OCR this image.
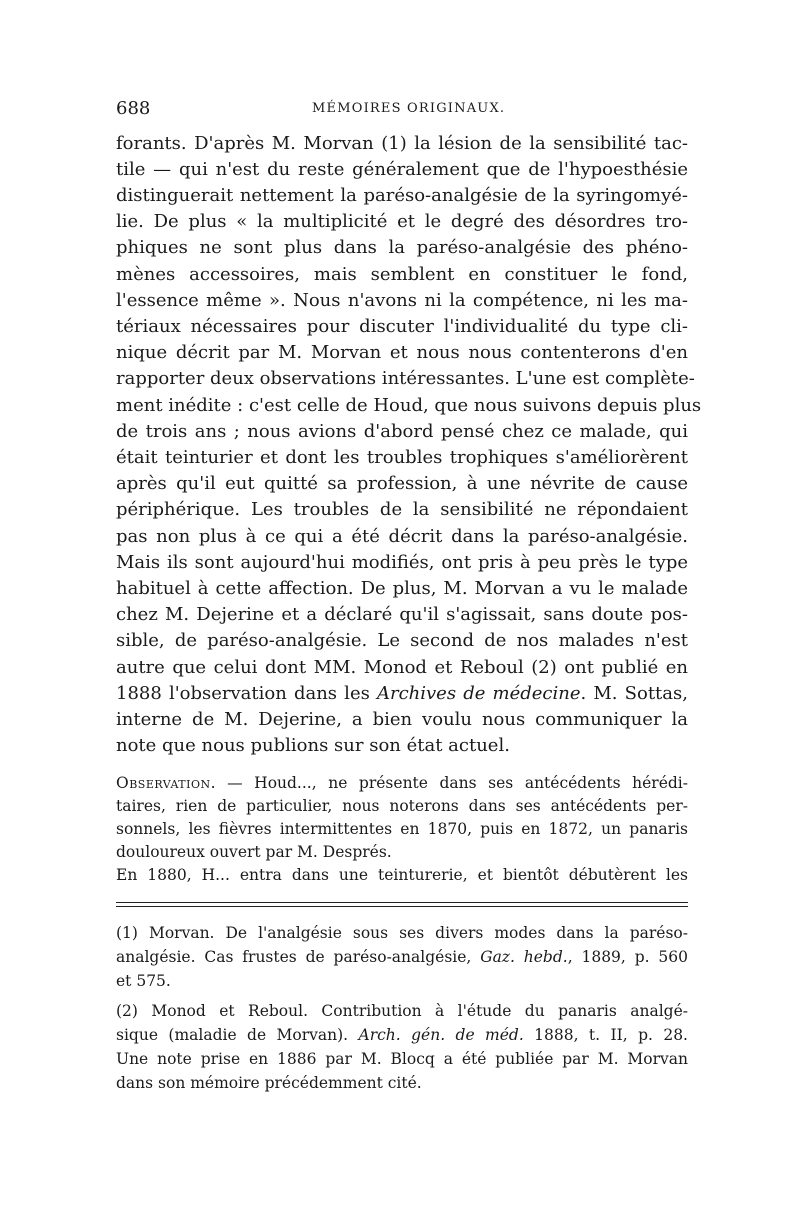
688	MÉMOIRES ORIGINAUX.
forants. D'après M. Morvan (1) la lésion de la sensibilité tac-
tile — qui n'est du reste généralement que de l'hypoesthésie
distinguerait nettement la paréso-analgésie de la syringomyé-
lie. De plus « la multiplicité et le degré des désordres tro-
phiques ne sont plus dans la paréso-analgésie des phéno-
mènes accessoires, mais semblent en constituer le fond,
l'essence même ». Nous n'avons ni la compétence, ni les ma-
tériaux nécessaires pour discuter l'individualité du type cli-
nique décrit par M. Morvan et nous nous contenterons d'en
rapporter deux observations intéressantes. L'une est complète-
ment inédite : c'est celle de Houd, que nous suivons depuis plus
de trois ans ; nous avions d'abord pensé chez ce malade, qui
était teinturier et dont les troubles trophiques s'améliorèrent
après qu'il eut quitté sa profession, à une névrite de cause
périphérique. Les troubles de la sensibilité ne répondaient
pas non plus à ce qui a été décrit dans la paréso-analgésie.
Mais ils sont aujourd'hui modifiés, ont pris à peu près le type
habituel à cette affection. De plus, M. Morvan a vu le malade
chez M. Dejerine et a déclaré qu'il s'agissait, sans doute pos-
sible, de paréso-analgésie. Le second de nos malades n'est
autre que celui dont MM. Monod et Reboul (2) ont publié en
1888 l'observation dans les Archives de médecine. M. Sottas,
interne de M. Dejerine, a bien voulu nous communiquer la
note que nous publions sur son état actuel.
Observation. — Houd..., ne présente dans ses antécédents hérédi-
taires, rien de particulier, nous noterons dans ses antécédents per-
sonnels, les fièvres intermittentes en 1870, puis en 1872, un panaris
douloureux ouvert par M. Després.
En 1880, H... entra dans une teinturerie, et bientôt débutèrent les
(1) Morvan. De l'analgésie sous ses divers modes dans la paréso-
analgésie. Cas frustes de paréso-analgésie, Gaz. hebd., 1889, p. 560
et 575.
(2) Monod et Reboul. Contribution à l'étude du panaris analgé-
sique (maladie de Morvan). Arch. gén. de méd. 1888, t. II, p. 28.
Une note prise en 1886 par M. Blocq a été publiée par M. Morvan
dans son mémoire précédemment cité.
